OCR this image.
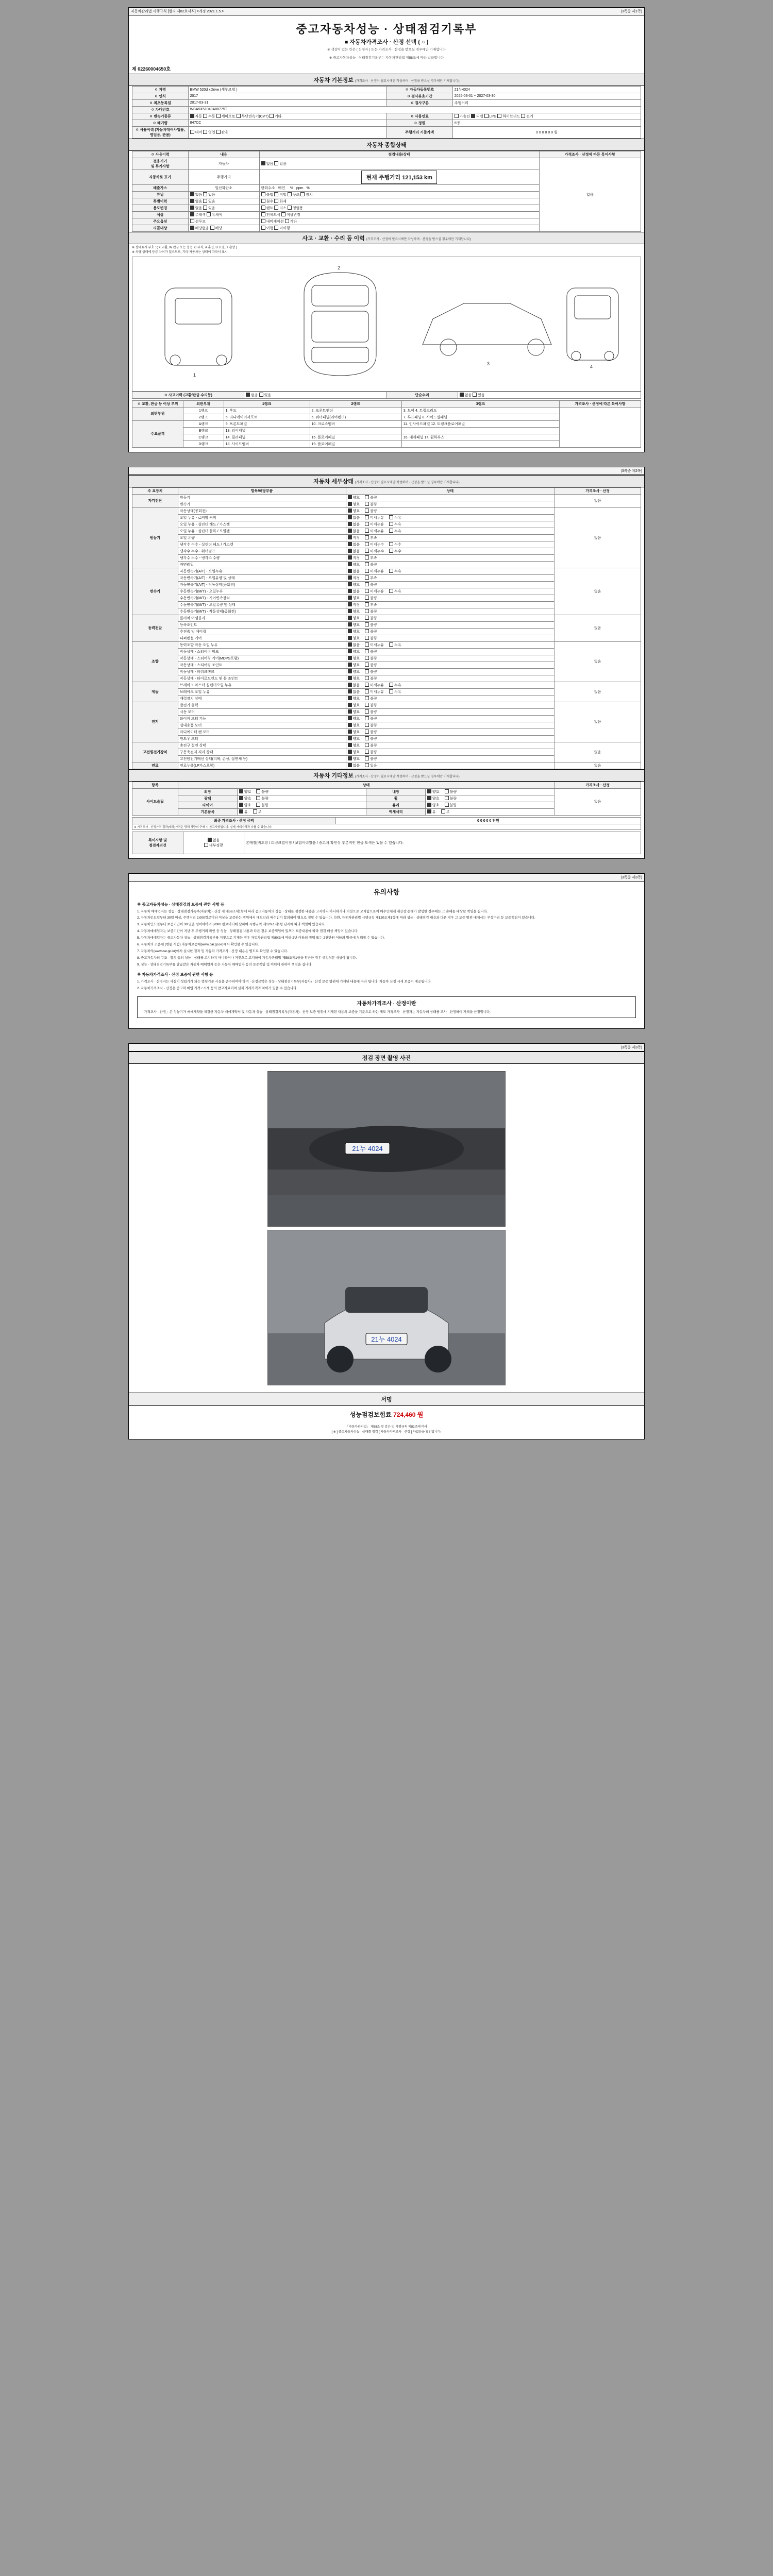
자동차관리법 시행규칙 [별지 제82호서식] <개정 2021.1.5.>	(3쪽중 제1쪽)
중고자동차성능 · 상태점검기록부
■ 자동차가격조사 · 산정 선택 ( ○ )
※ 색상이 있는 칸은 ( 신청자 ) 또는 가격조사 · 산정을 받으실 경우에만 기재합니다
※ 중고자동차성능 · 상태점검기록부는 자동차관리법 제58조에 따라 발급합니다
제 02260004650호
자동차 기본정보 (가격조사 · 산정이 필요시에만 작성하며 · 산정을 받으실 경우에만 기재합니다)
ㅇ 차명	BMW 520d xDrive (세부모델 )	ㅇ 자동차등록번호	21누4024
ㅇ 연식	2017	ㅇ 검사유효기간	2025-03-01 ~ 2027-03-30
ㅇ 최초등록일	2017-03-31	ㅇ 검사구분	주행거리
ㅇ 차대번호	WBA5X51040A88775T		
ㅇ 변속기종류	자동 수동 세미오토 무단변속기(CVT) 기타	ㅇ 사용연료	가솔린 디젤 LPG 하이브리드 전기
ㅇ 배기량	847CC	ㅇ 정원	5명
ㅇ 사용이력 (자동차대여사업용, 영업용, 관용)	대여 영업 관용	주행거리 기준가액	0 0 0 0 0 0 원
자동차 종합상태
ㅇ 사용이력	내용	점검내용/상태	가격조사 · 산정에 따른 특이사항
전용기기
및 특기사항	자동차	없음 있음	없음
자동차로 표기	주행거리	현재 주행거리 121,153 km	
배출가스	일산화탄소	탄화수소 매연 % ppm %	
튜닝	없음 있음	불법 적법 구조 장치	
특별이력	없음 있음	침수 화재	
용도변경	없음 있음	렌트 리스 영업용	
색상	무채색 유채색	전체도색 색상변경	
주요옵션	선루프	내비게이션 기타	
리콜대상	해당없음 해당	이행 미이행	
사고 · 교환 · 수리 등 이력 (가격조사 · 산정이 필요시에만 작성하며 · 산정을 받으실 경우에만 기재합니다)
※ 상태표시 부호 : ( X 교환, W 판금 또는 용접, C 부식, A 흠집, U 요철, T 손상 )
※ 차량 상태에 등급 차이가 있으므로, 기타 자동차는 상태에 따라서 표시
1
2
3
4
ㅇ 사고이력 (교환/판금 수리등)	없음 있음	단순수리	없음 있음
ㅇ 교환, 판금 등 이상 부위	외판부위	1랭크	2랭크	3랭크	가격조사 · 산정에 따른 특이사항
외판부위	1랭크	1. 후드	2. 프론트펜더	3. 도어 4. 트렁크리드	
	2랭크	5. 라디에이터서포트	6. 쿼터패널(리어펜더)	7. 루프패널 8. 사이드실패널	
주요골격	A랭크	9. 프론트패널	10. 크로스멤버	11. 인사이드패널 12. 트렁크플로어패널	
	B랭크	13. 리어패널			
	C랭크	14. 필러패널	15. 플로어패널	16. 대쉬패널 17. 휠하우스	
	D랭크	18. 사이드멤버	19. 플로어패널		
(3쪽중 제2쪽)
자동차 세부상태 (가격조사 · 산정이 필요시에만 작성하며 · 산정을 받으실 경우에만 기재합니다)
주 요장치	항목/해당부품	상태	가격조사 · 산정
자기진단	원동기	양호 불량	없음
	변속기	양호 불량	
원동기	작동상태(공회전)	양호 불량	없음
	오일 누유 - 로커암 커버	없음 미세누유 누유	
	오일 누유 - 실린더 헤드 / 가스켓	없음 미세누유 누유	
	오일 누유 - 실린더 블록 / 오일팬	없음 미세누유 누유	
	오일 유량	적정 부족	
	냉각수 누수 - 실린더 헤드 / 가스켓	없음 미세누수 누수	
	냉각수 누수 - 워터펌프	없음 미세누수 누수	
	냉각수 누수 - 냉각수 수량	적정 부족	
	커먼레일	양호 불량	
변속기	자동변속기(A/T) - 오일누유	없음 미세누유 누유	없음
	자동변속기(A/T) - 오일유량 및 상태	적정 부족	
	자동변속기(A/T) - 작동상태(공회전)	양호 불량	
	수동변속기(M/T) - 오일누유	없음 미세누유 누유	
	수동변속기(M/T) - 기어변속장치	양호 불량	
	수동변속기(M/T) - 오일유량 및 상태	적정 부족	
	수동변속기(M/T) - 작동상태(공회전)	양호 불량	
동력전달	클러치 어셈블리	양호 불량	없음
	등속조인트	양호 불량	
	추진축 및 베어링	양호 불량	
	디퍼렌셜 기어	양호 불량	
조향	동력조향 작동 오일 누유	없음 미세누유 누유	없음
	작동상태 - 스티어링 펌프	양호 불량	
	작동상태 - 스티어링 기어(MDPS포함)	양호 불량	
	작동상태 - 스티어링 조인트	양호 불량	
	작동상태 - 파워크랭크	양호 불량	
	작동상태 - 타이로드엔드 및 볼 조인트	양호 불량	
제동	브레이크 마스터 실린더오일 누유	없음 미세누유 누유	없음
	브레이크 오일 누유	없음 미세누유 누유	
	배력장치 상태	양호 불량	
전기	발전기 출력	양호 불량	없음
	시동 모터	양호 불량	
	와이퍼 모터 기능	양호 불량	
	실내송풍 모터	양호 불량	
	라디에이터 팬 모터	양호 불량	
	윈도우 모터	양호 불량	
고전원전기장치	충전구 절연 상태	양호 불량	없음
	구동축전지 격리 상태	양호 불량	
	고전원전기배선 상태(피복, 손상, 절연체 등)	양호 불량	
연료	연료누출(LP가스포함)	없음 있음	없음
자동차 기타정보 (가격조사 · 산정이 필요시에만 작성하며 · 산정을 받으실 경우에만 기재합니다)
항목	상태				가격조사 · 산정
사이드슬립	외장	양호 불량	내장	양호 불량	없음
	광택	양호 불량	휠	양호 불량	
	타이어	양호 불량	유리	양호 불량	
	기본품목	유 무	액세서리	유 무	
최종 가격조사 · 산정 금액	0 0 0 0 0 천원
※ 가격조사 · 산정가격 결과(예상)가격은 당해 차량의 구매 시 참고사항입니다. 실제 거래가격과 다를 수 있습니다.
특이사항 및
점검자의견	
없음
내부경광
	본매장(비도장 / 트렁크열어짐 / 보험이력있음 / 중고차 확인상 부분적인 판금 도색은 있을 수 있습니다.
(3쪽중 제3쪽)
유의사항
※ 중고자동차성능 · 상태점검의 보증에 관한 사항 등

1. 자동차 매매업자는 성능 · 상태점검기록부(자동차) · 산정 제 제58조제1항에 따라 중고자동차의 성능 · 상태를 점검한 내용을 고지하지 아니하거나 거짓으로 고지함으로써 매수인에게 재산상 손해가 발생한 경우에는 그 손해를 배상할 책임을 집니다.

2. 자동차인도일부터 30일 이상, 주행거리 2,000킬로미터 이상을 보증하는 범위에서 매도인과 매수인이 합의하여 별도로 정할 수 있습니다. 다만, 자동차관리법 시행규칙 제120조제1항에 따라 성능 · 상태점검 내용과 다른 경우 그 보증 범위 내에서는 무상수리 등 보증책임이 있습니다.

3. 자동차인도일부터 보증기간이 30 일을 넘어야하며 (2000 킬로미터에 달하여 시행규칙 제120조제1항 단서에 따라 책임이 있습니다.

4. 자동차매매업자는 보증기간이 지난 후 주행거리 확인 등 성능 · 상태점검 내용과 다른 경우 보증책임이 있으며 보증내용에 따라 점검 배상 책임이 있습니다.

5. 자동차매매업자는 중고자동차 성능 · 상태점검기록부를 거짓으로 기재한 경우 자동차관리법 제80조에 따라 2년 이하의 징역 또는 2천만원 이하의 벌금에 처해질 수 있습니다.

6. 자동차의 소음에 (변동 시험) 자동차보증에(www.car.go.kr)에서 확인할 수 있습니다.

7. 자동차의(www.car.go.kr)에서 실시한 결과 및 자동차 가격조사 · 산정 내용은 별도로 확인할 수 있습니다.

8. 중고자동차의 구조 · 장치 등의 성능 · 상태를 고지하지 아니하거나 거짓으로 고지하여 자동차관리법 제58조제1항을 위반한 경우 행정처분 대상이 됩니다.

9. 성능 · 상태점검기록부를 발급받은 자동차 매매업자 등은 자동차 매매업자 등의 보증책임 및 이력에 관하여 책임을 집니다.

※ 자동차가격조사 · 산정 보증에 관한 사항 등

1. 가격조사 · 산정자는 사실이 성립기가 되는 법령기준 사실을 준수하여야 하며 · 산정금액은 성능 · 상태점검기록부(자동차) · 산정 보증 범위에 기재된 내용에 따라 됩니다. 자동차 산정 시세 보증이 제공됩니다.

2. 자동차가격조사 · 산정은 중고차 매입 가격 / 시세 등의 참고자료이며 실제 거래가격과 차이가 있을 수 있습니다.

자동차가격조사 · 산정이란
「가격조사 · 산정」은 성능기가 매매계약을 체결한 자동차 매매계약서 및 자동차 성능 · 상태점검기록부(자동차) · 산정 보증 범위에 기재된 내용의 보증을 기준으로 하는 제도 가격조사 · 산정자는 자동차의 상태를 조사 · 산정하여 가격을 산정합니다.
(3쪽중 제3쪽)
점검 장면 촬영 사진
21누 4024
21누 4024
서명
성능점검보험료 724,460 원
「자동차관리법」 제58조 및 같은 법 시행규칙 제82조에 따라
[ ※ ] 중고자동차성능 · 상태를 점검 [ 자동차가격조사 · 산정 ] 하였음을 확인합니다.
